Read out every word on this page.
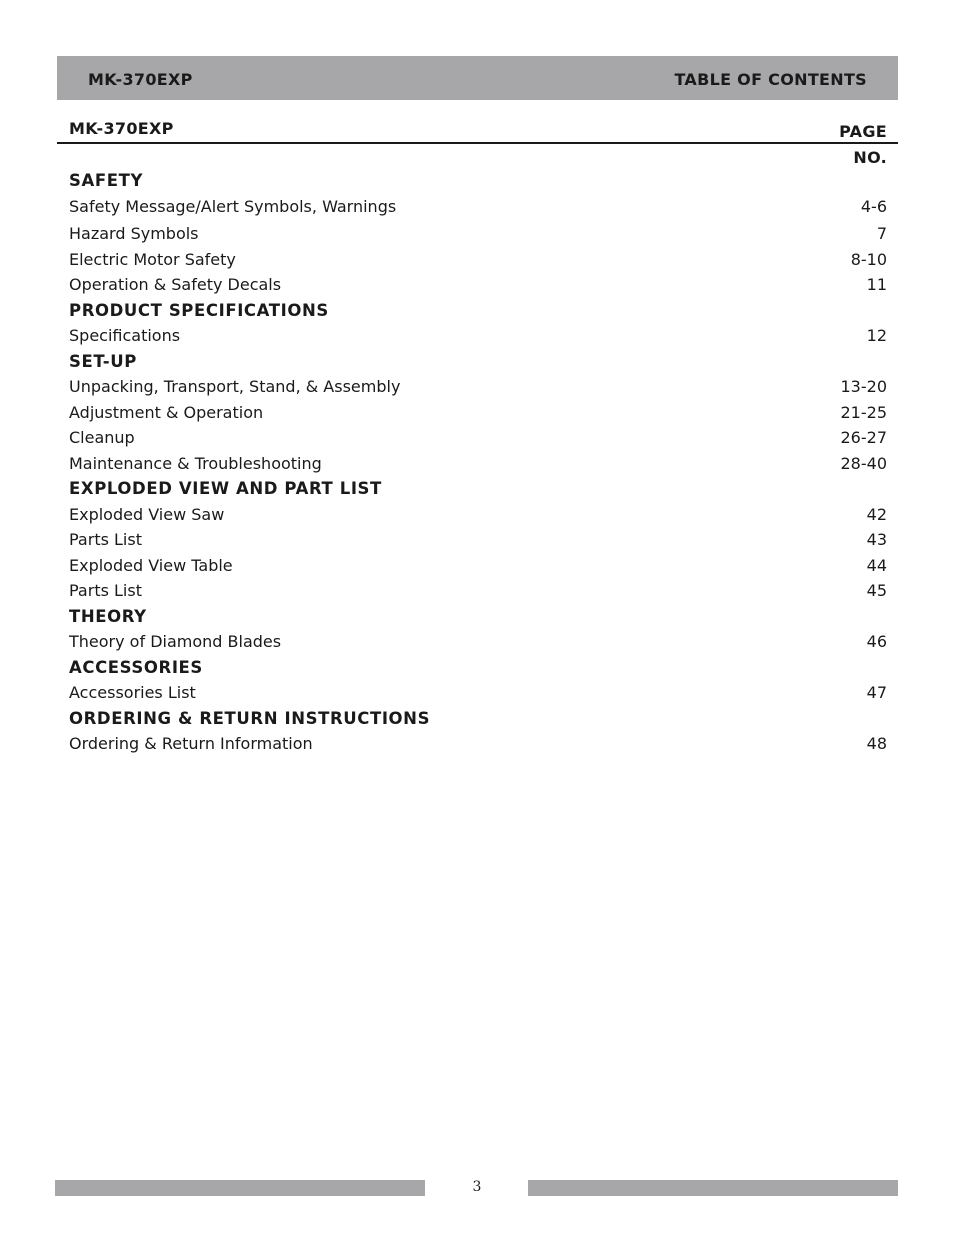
MK-370EXP	TABLE OF CONTENTS
MK-370EXP	PAGE
NO.
SAFETY
Safety Message/Alert Symbols, Warnings	4-6
Hazard Symbols	7
Electric Motor Safety	8-10
Operation & Safety Decals	11
PRODUCT SPECIFICATIONS
Specifications	12
SET-UP
Unpacking, Transport, Stand, & Assembly	13-20
Adjustment & Operation	21-25
Cleanup	26-27
Maintenance & Troubleshooting	28-40
EXPLODED VIEW AND PART LIST
Exploded View Saw	42
Parts List	43
Exploded View Table	44
Parts List	45
THEORY
Theory of Diamond Blades	46
ACCESSORIES
Accessories List	47
ORDERING & RETURN INSTRUCTIONS
Ordering & Return Information	48
3
